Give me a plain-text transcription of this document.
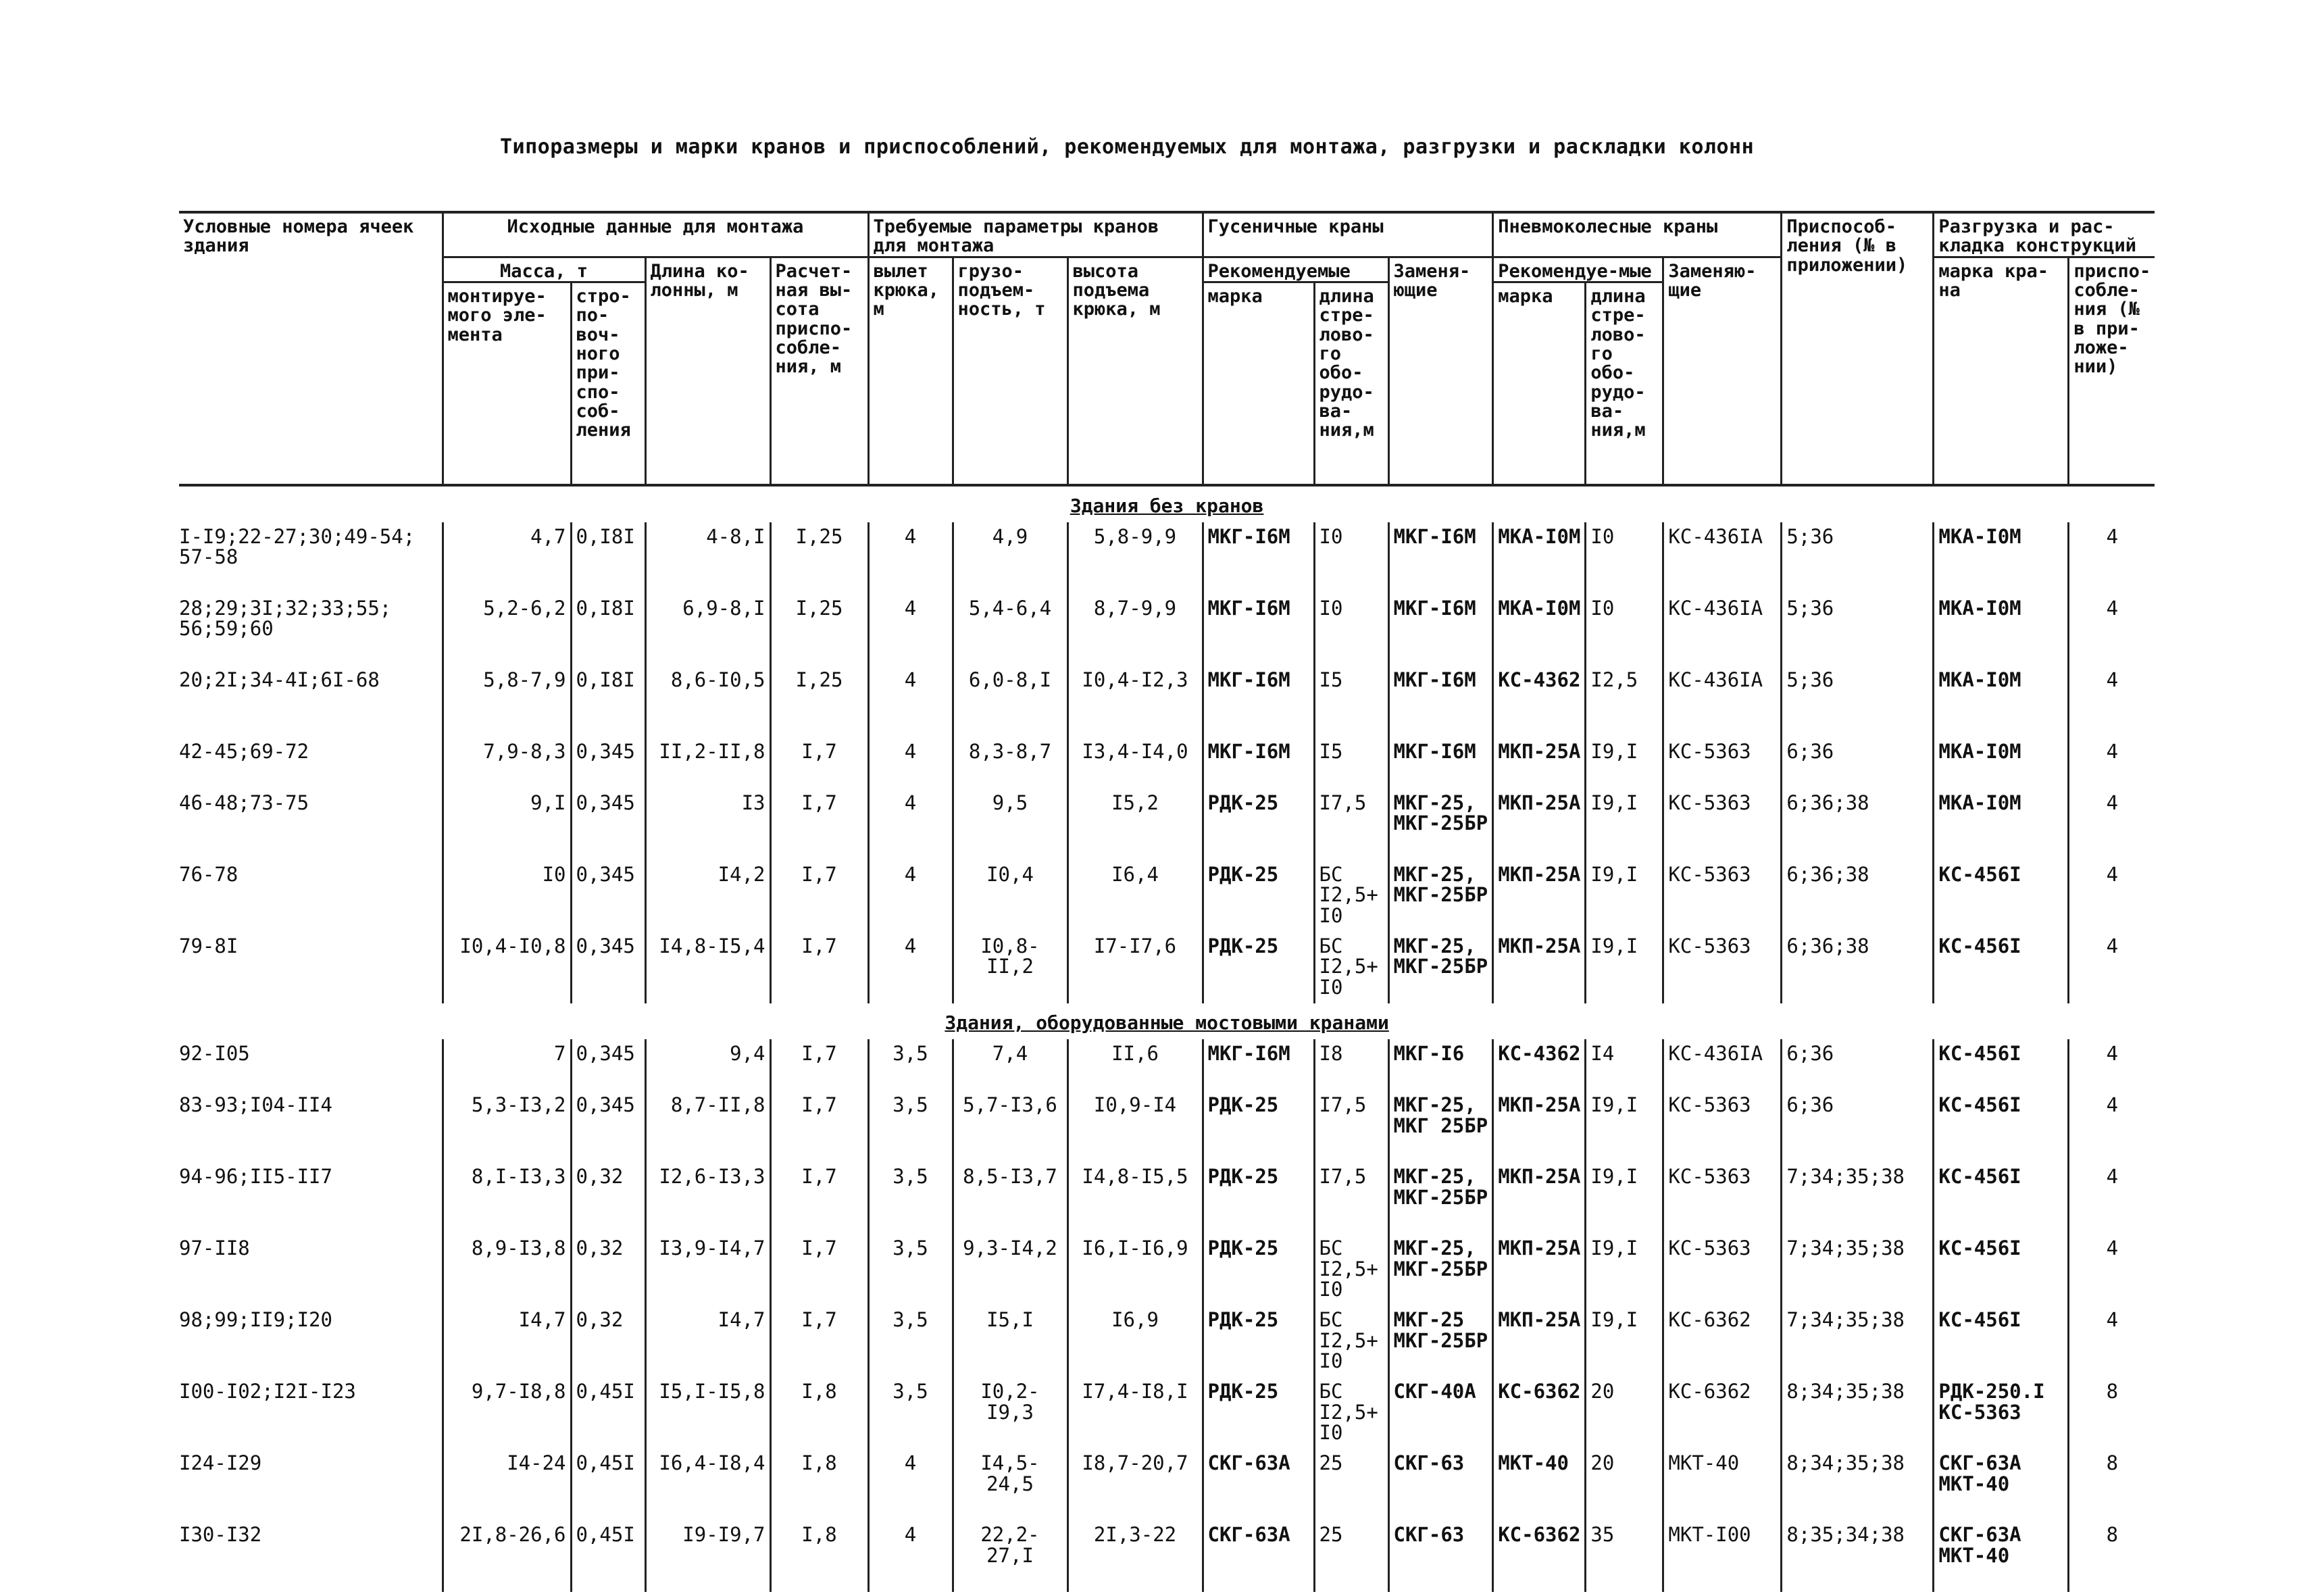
Типоразмеры и марки кранов и приспособлений, рекомендуемых для монтажа, разгрузки и раскладки колонн
Условные номера ячеек здания	Исходные данные для монтажа				Требуемые параметры кранов для монтажа			Гусеничные краны			Пневмоколесные краны			Приспособ-ления (№ в приложении)	Разгрузка и рас-кладка конструкций	
	Масса, т		Длина ко-лонны, м	Расчет-ная вы-сота приспо-собле-ния, м	вылет крюка, м	грузо-подъем-ность, т	высота подъема крюка, м	Рекомендуемые		Заменя-ющие	Рекомендуе-мые		Заменяю-щие		марка кра-на	приспо-собле-ния (№ в при-ложе-нии)
	монтируе-мого эле-мента	стро-по-воч-ного при-спо-соб-ления						марка	длина стре-лово-го обо-рудо-ва-ния,м		марка	длина стре-лово-го обо-рудо-ва-ния,м				
Здания без кранов																
I-I9;22-27;30;49-54; 57-58	4,7	0,I8I	4-8,I	I,25	4	4,9	5,8-9,9	МКГ-I6М	I0	МКГ-I6М	МКА-I0М	I0	КС-436IА	5;36	МКА-I0М	4
28;29;3I;32;33;55; 56;59;60	5,2-6,2	0,I8I	6,9-8,I	I,25	4	5,4-6,4	8,7-9,9	МКГ-I6М	I0	МКГ-I6М	МКА-I0М	I0	КС-436IА	5;36	МКА-I0М	4
20;2I;34-4I;6I-68	5,8-7,9	0,I8I	8,6-I0,5	I,25	4	6,0-8,I	I0,4-I2,3	МКГ-I6М	I5	МКГ-I6М	КС-4362	I2,5	КС-436IА	5;36	МКА-I0М	4
42-45;69-72	7,9-8,3	0,345	II,2-II,8	I,7	4	8,3-8,7	I3,4-I4,0	МКГ-I6М	I5	МКГ-I6М	МКП-25А	I9,I	КС-5363	6;36	МКА-I0М	4
46-48;73-75	9,I	0,345	I3	I,7	4	9,5	I5,2	РДК-25	I7,5	МКГ-25, МКГ-25БР	МКП-25А	I9,I	КС-5363	6;36;38	МКА-I0М	4
76-78	I0	0,345	I4,2	I,7	4	I0,4	I6,4	РДК-25	БС I2,5+ I0	МКГ-25, МКГ-25БР	МКП-25А	I9,I	КС-5363	6;36;38	КС-456I	4
79-8I	I0,4-I0,8	0,345	I4,8-I5,4	I,7	4	I0,8-II,2	I7-I7,6	РДК-25	БС I2,5+ I0	МКГ-25, МКГ-25БР	МКП-25А	I9,I	КС-5363	6;36;38	КС-456I	4
Здания, оборудованные мостовыми кранами																
92-I05	7	0,345	9,4	I,7	3,5	7,4	II,6	МКГ-I6М	I8	МКГ-I6	КС-4362	I4	КС-436IА	6;36	КС-456I	4
83-93;I04-II4	5,3-I3,2	0,345	8,7-II,8	I,7	3,5	5,7-I3,6	I0,9-I4	РДК-25	I7,5	МКГ-25, МКГ 25БР	МКП-25А	I9,I	КС-5363	6;36	КС-456I	4
94-96;II5-II7	8,I-I3,3	0,32	I2,6-I3,3	I,7	3,5	8,5-I3,7	I4,8-I5,5	РДК-25	I7,5	МКГ-25, МКГ-25БР	МКП-25А	I9,I	КС-5363	7;34;35;38	КС-456I	4
97-II8	8,9-I3,8	0,32	I3,9-I4,7	I,7	3,5	9,3-I4,2	I6,I-I6,9	РДК-25	БС I2,5+ I0	МКГ-25, МКГ-25БР	МКП-25А	I9,I	КС-5363	7;34;35;38	КС-456I	4
98;99;II9;I20	I4,7	0,32	I4,7	I,7	3,5	I5,I	I6,9	РДК-25	БС I2,5+ I0	МКГ-25 МКГ-25БР	МКП-25А	I9,I	КС-6362	7;34;35;38	КС-456I	4
I00-I02;I2I-I23	9,7-I8,8	0,45I	I5,I-I5,8	I,8	3,5	I0,2-I9,3	I7,4-I8,I	РДК-25	БС I2,5+ I0	СКГ-40А	КС-6362	20	КС-6362	8;34;35;38	РДК-250.I КС-5363	8
I24-I29	I4-24	0,45I	I6,4-I8,4	I,8	4	I4,5-24,5	I8,7-20,7	СКГ-63А	25	СКГ-63	МКТ-40	20	МКТ-40	8;34;35;38	СКГ-63А МКТ-40	8
I30-I32	2I,8-26,6	0,45I	I9-I9,7	I,8	4	22,2-27,I	2I,3-22	СКГ-63А	25	СКГ-63	КС-6362	35	МКТ-I00	8;35;34;38	СКГ-63А МКТ-40	8
